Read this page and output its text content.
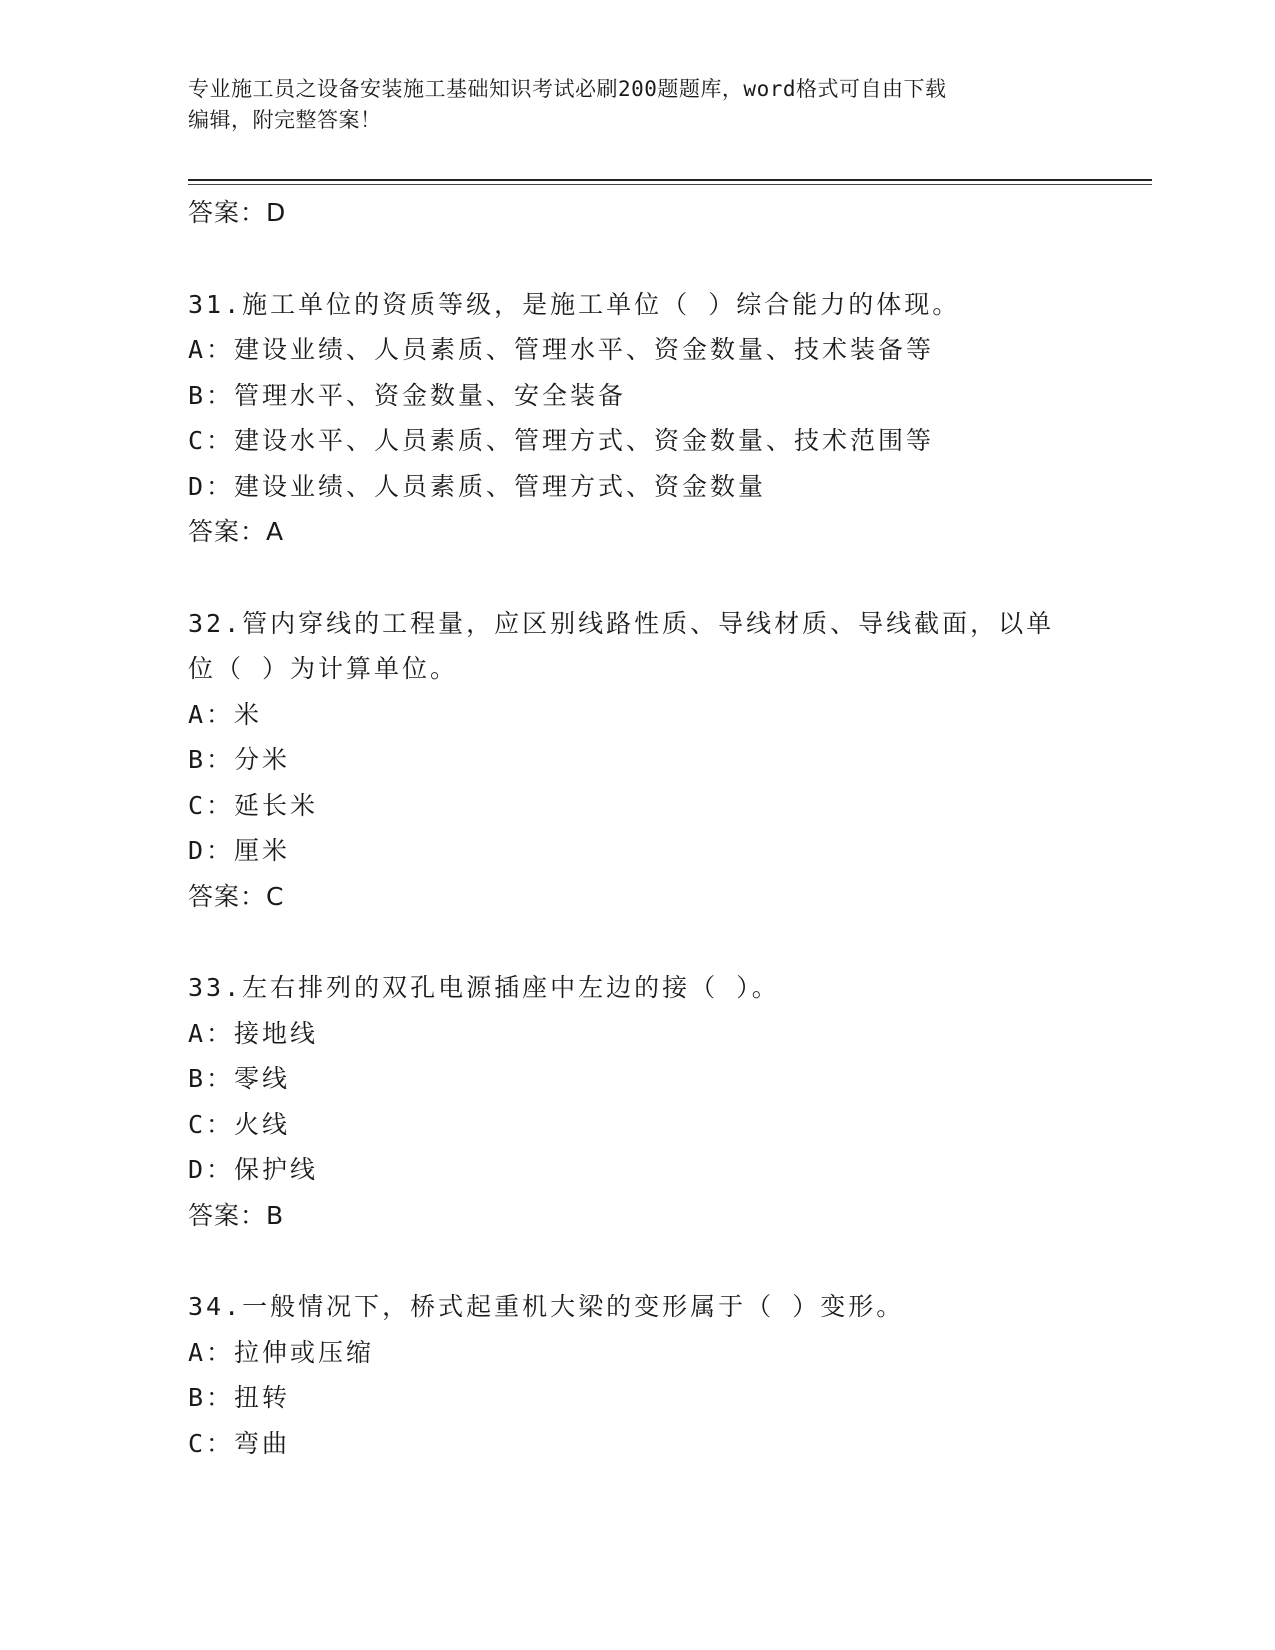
专业施工员之设备安装施工基础知识考试必刷200题题库，word格式可自由下载
编辑，附完整答案！
答案：D
31.施工单位的资质等级，是施工单位（ ）综合能力的体现。
A：建设业绩、人员素质、管理水平、资金数量、技术装备等
B：管理水平、资金数量、安全装备
C：建设水平、人员素质、管理方式、资金数量、技术范围等
D：建设业绩、人员素质、管理方式、资金数量
答案：A
32.管内穿线的工程量，应区别线路性质、导线材质、导线截面，以单
位（ ）为计算单位。
A：米
B：分米
C：延长米
D：厘米
答案：C
33.左右排列的双孔电源插座中左边的接（ ）。
A：接地线
B：零线
C：火线
D：保护线
答案：B
34.一般情况下，桥式起重机大梁的变形属于（ ）变形。
A：拉伸或压缩
B：扭转
C：弯曲
